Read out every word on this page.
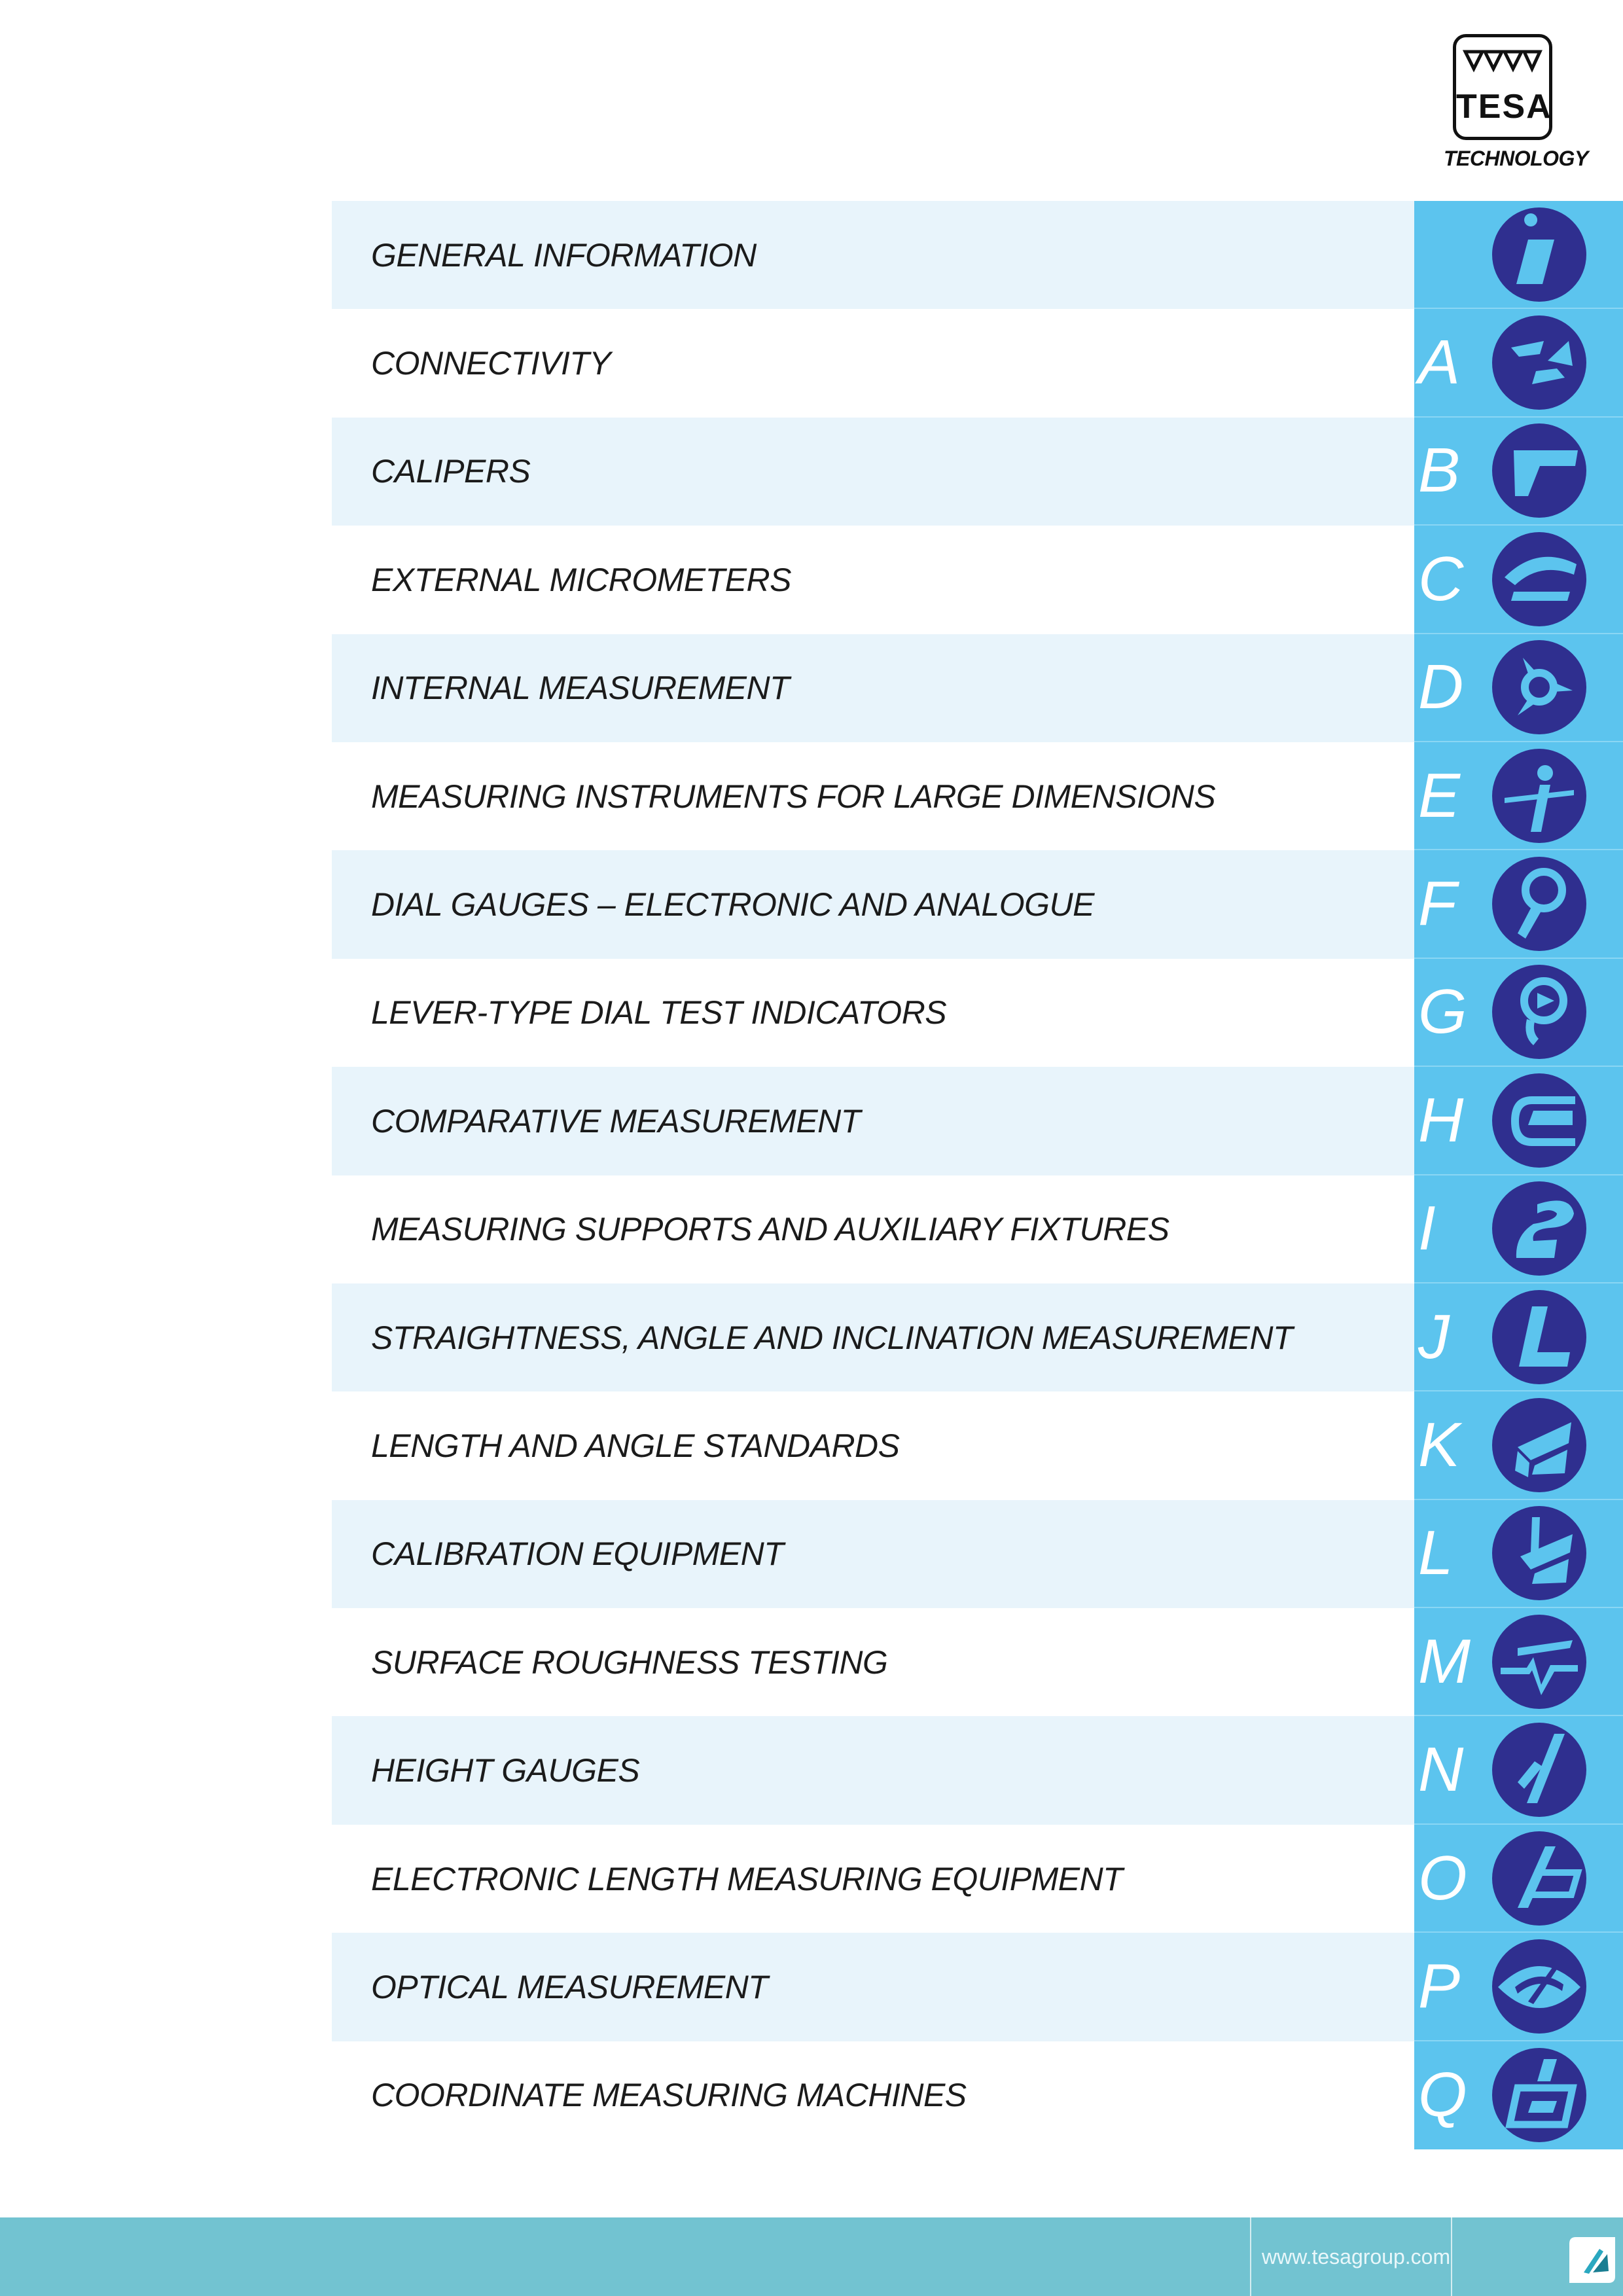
TESA
TECHNOLOGY
GENERAL INFORMATION
CONNECTIVITY	A
CALIPERS	B
EXTERNAL MICROMETERS	C
INTERNAL MEASUREMENT	D
MEASURING INSTRUMENTS FOR LARGE DIMENSIONS	E
DIAL GAUGES – ELECTRONIC AND ANALOGUE	F
LEVER-TYPE DIAL TEST INDICATORS	G
COMPARATIVE MEASUREMENT	H
MEASURING SUPPORTS AND AUXILIARY FIXTURES	I
STRAIGHTNESS, ANGLE AND INCLINATION MEASUREMENT J
LENGTH AND ANGLE STANDARDS	K
CALIBRATION EQUIPMENT	L
SURFACE ROUGHNESS TESTING	M
HEIGHT GAUGES	N
ELECTRONIC LENGTH MEASURING EQUIPMENT	O
OPTICAL MEASUREMENT	P
COORDINATE MEASURING MACHINES	Q
www.tesagroup.com
